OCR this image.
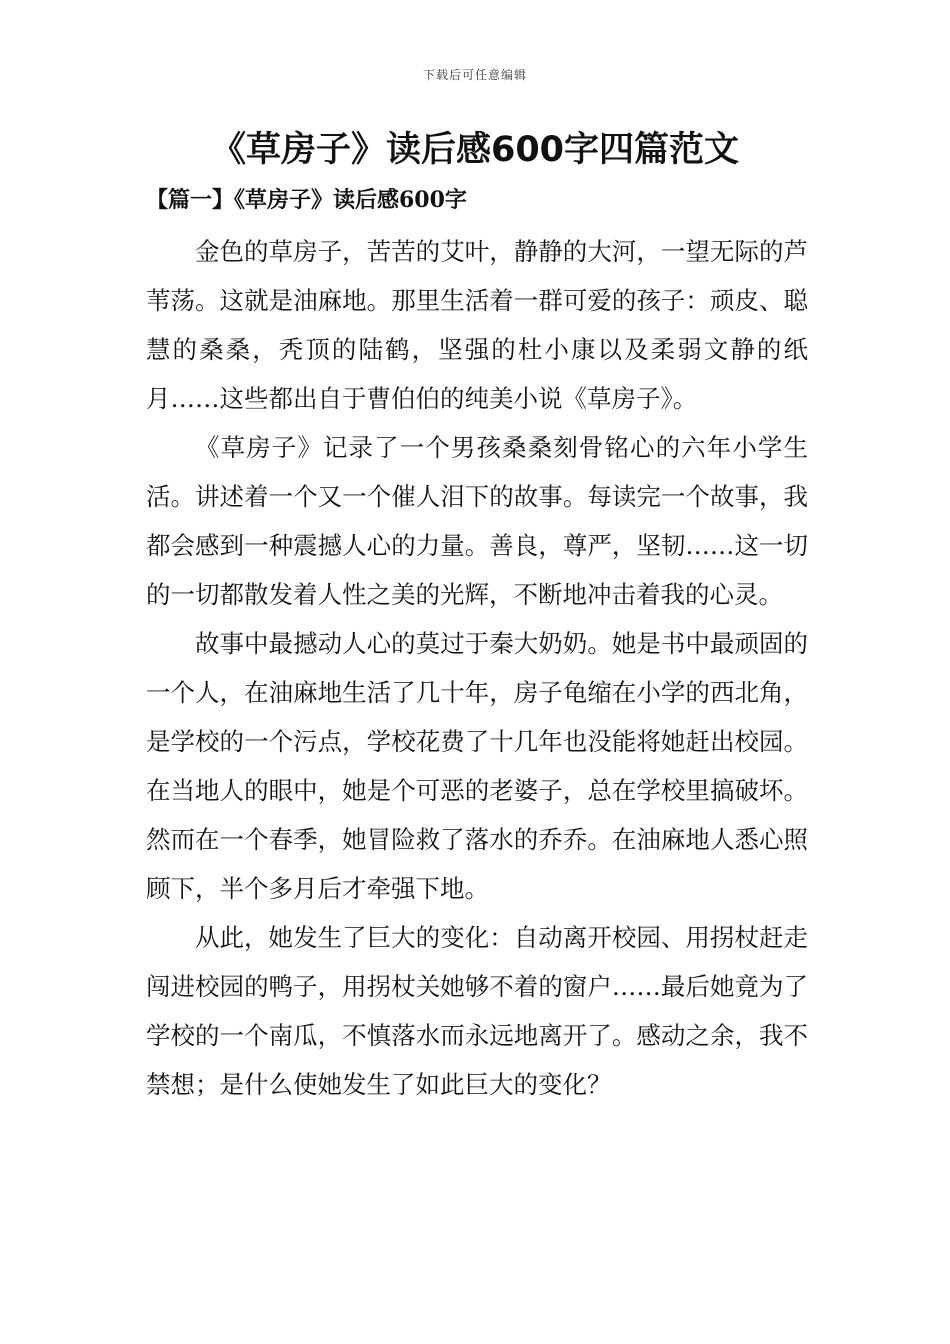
下载后可任意编辑
《草房子》读后感600字四篇范文
【篇一】《草房子》读后感600字

金色的草房子，苦苦的艾叶，静静的大河，一望无际的芦苇荡。这就是油麻地。那里生活着一群可爱的孩子：顽皮、聪慧的桑桑，秃顶的陆鹤，坚强的杜小康以及柔弱文静的纸月……这些都出自于曹伯伯的纯美小说《草房子》。

《草房子》记录了一个男孩桑桑刻骨铭心的六年小学生活。讲述着一个又一个催人泪下的故事。每读完一个故事，我都会感到一种震撼人心的力量。善良，尊严，坚韧……这一切的一切都散发着人性之美的光辉，不断地冲击着我的心灵。

故事中最撼动人心的莫过于秦大奶奶。她是书中最顽固的一个人，在油麻地生活了几十年，房子龟缩在小学的西北角，是学校的一个污点，学校花费了十几年也没能将她赶出校园。在当地人的眼中，她是个可恶的老婆子，总在学校里搞破坏。然而在一个春季，她冒险救了落水的乔乔。在油麻地人悉心照顾下，半个多月后才牵强下地。

从此，她发生了巨大的变化：自动离开校园、用拐杖赶走闯进校园的鸭子，用拐杖关她够不着的窗户……最后她竟为了学校的一个南瓜，不慎落水而永远地离开了。感动之余，我不禁想；是什么使她发生了如此巨大的变化？
